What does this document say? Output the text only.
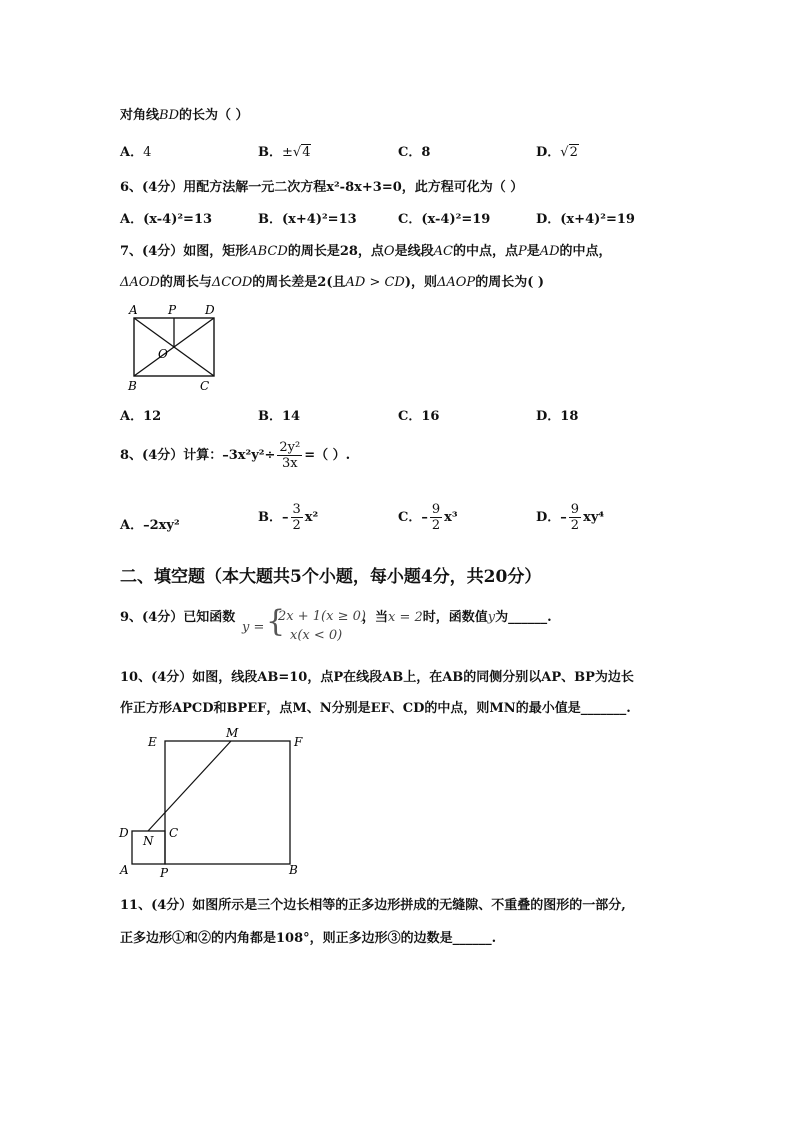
对角线BD的长为（ ）
A．4	B．±√4	C．8	D．√2
6、(4分）用配方法解一元二次方程x²-8x+3=0，此方程可化为（ ）
A．(x-4)²=13	B．(x+4)²=13	C．(x-4)²=19	D．(x+4)²=19
7、(4分）如图，矩形ABCD的周长是28，点O是线段AC的中点，点P是AD的中点，
ΔAOD的周长与ΔCOD的周长差是2(且AD > CD)，则ΔAOP的周长为( )
A	P D
O
B	C
A．12	B．14	C．16	D．18
8、(4分）计算：$-3x^2y^2\div \frac{\text{2y²}}{3x}$ =（ ）.
A．–2xy²
B．– $\frac{3}{2} x^2$	C．– $\frac{9}{2} x^3$	D．– $\frac{9}{2} xy^4$
二、填空题（本大题共5个小题，每小题4分，共20分）
9、(4分）已知函数
y = {
2x + 1(x ≥ 0)
x(x < 0)
，当x = 2时，函数值y为______.
10、(4分）如图，线段AB=10，点P在线段AB上，在AB的同侧分别以AP、BP为边长
作正方形APCD和BPEF，点M、N分别是EF、CD的中点，则MN的最小值是_______.
E
M
F
D
N
C
A	P	B
11、(4分）如图所示是三个边长相等的正多边形拼成的无缝隙、不重叠的图形的一部分,
正多边形①和②的内角都是108°，则正多边形③的边数是______.
